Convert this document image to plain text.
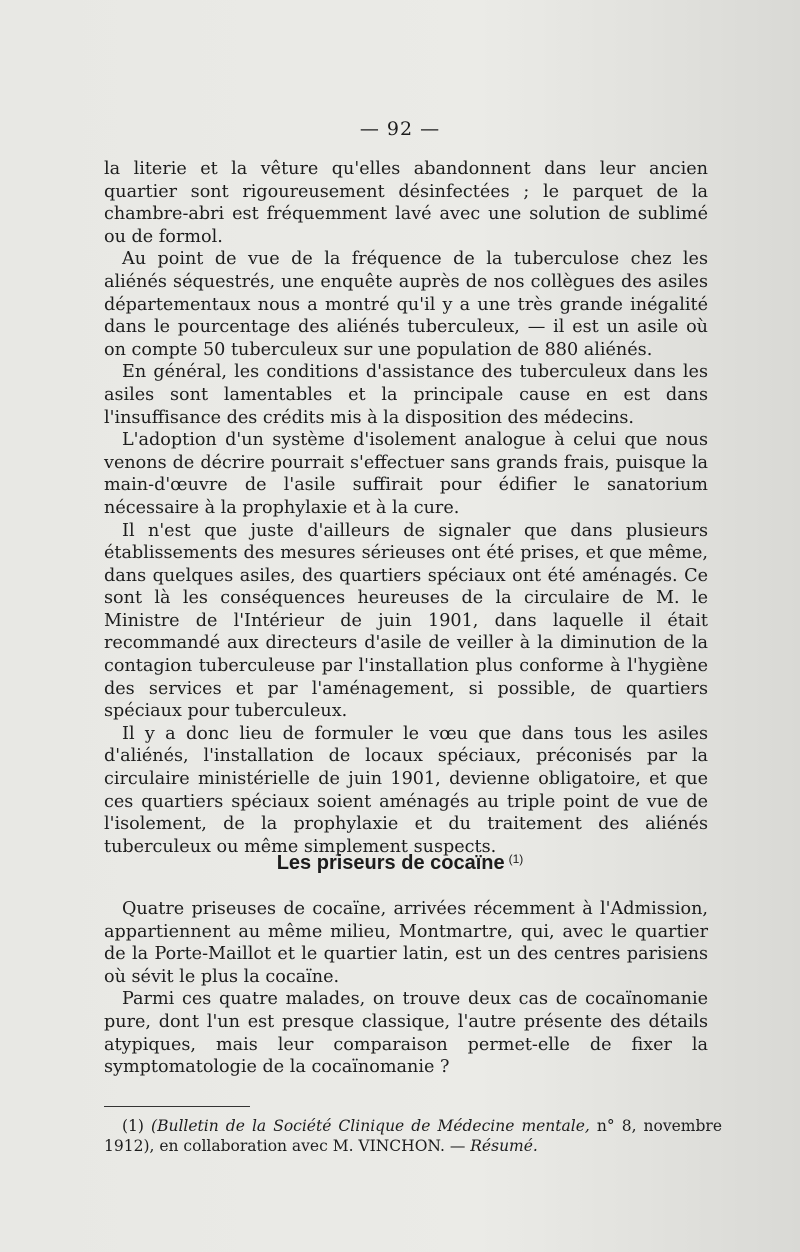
— 92 —

la literie et la vêture qu'elles abandonnent dans leur ancien quartier sont rigoureusement désinfectées ; le parquet de la chambre-abri est fréquemment lavé avec une solution de sublimé ou de formol.

Au point de vue de la fréquence de la tuberculose chez les aliénés séquestrés, une enquête auprès de nos collègues des asiles départementaux nous a montré qu'il y a une très grande inégalité dans le pourcentage des aliénés tuberculeux, — il est un asile où on compte 50 tuberculeux sur une population de 880 aliénés.

En général, les conditions d'assistance des tuberculeux dans les asiles sont lamentables et la principale cause en est dans l'insuffisance des crédits mis à la disposition des médecins.

L'adoption d'un système d'isolement analogue à celui que nous venons de décrire pourrait s'effectuer sans grands frais, puisque la main-d'œuvre de l'asile suffirait pour édifier le sanatorium nécessaire à la prophylaxie et à la cure.

Il n'est que juste d'ailleurs de signaler que dans plusieurs établissements des mesures sérieuses ont été prises, et que même, dans quelques asiles, des quartiers spéciaux ont été aménagés. Ce sont là les conséquences heureuses de la circulaire de M. le Ministre de l'Intérieur de juin 1901, dans laquelle il était recommandé aux directeurs d'asile de veiller à la diminution de la contagion tuberculeuse par l'installation plus conforme à l'hygiène des services et par l'aménagement, si possible, de quartiers spéciaux pour tuberculeux.

Il y a donc lieu de formuler le vœu que dans tous les asiles d'aliénés, l'installation de locaux spéciaux, préconisés par la circulaire ministérielle de juin 1901, devienne obligatoire, et que ces quartiers spéciaux soient aménagés au triple point de vue de l'isolement, de la prophylaxie et du traitement des aliénés tuberculeux ou même simplement suspects.

Les priseurs de cocaïne $^{(1)}$

Quatre priseuses de cocaïne, arrivées récemment à l'Admission, appartiennent au même milieu, Montmartre, qui, avec le quartier de la Porte-Maillot et le quartier latin, est un des centres parisiens où sévit le plus la cocaïne.

Parmi ces quatre malades, on trouve deux cas de cocaïnomanie pure, dont l'un est presque classique, l'autre présente des détails atypiques, mais leur comparaison permet-elle de fixer la symptomatologie de la cocaïnomanie ?

(1) (Bulletin de la Société Clinique de Médecine mentale, n° 8, novembre 1912), en collaboration avec M. VINCHON. — Résumé.
